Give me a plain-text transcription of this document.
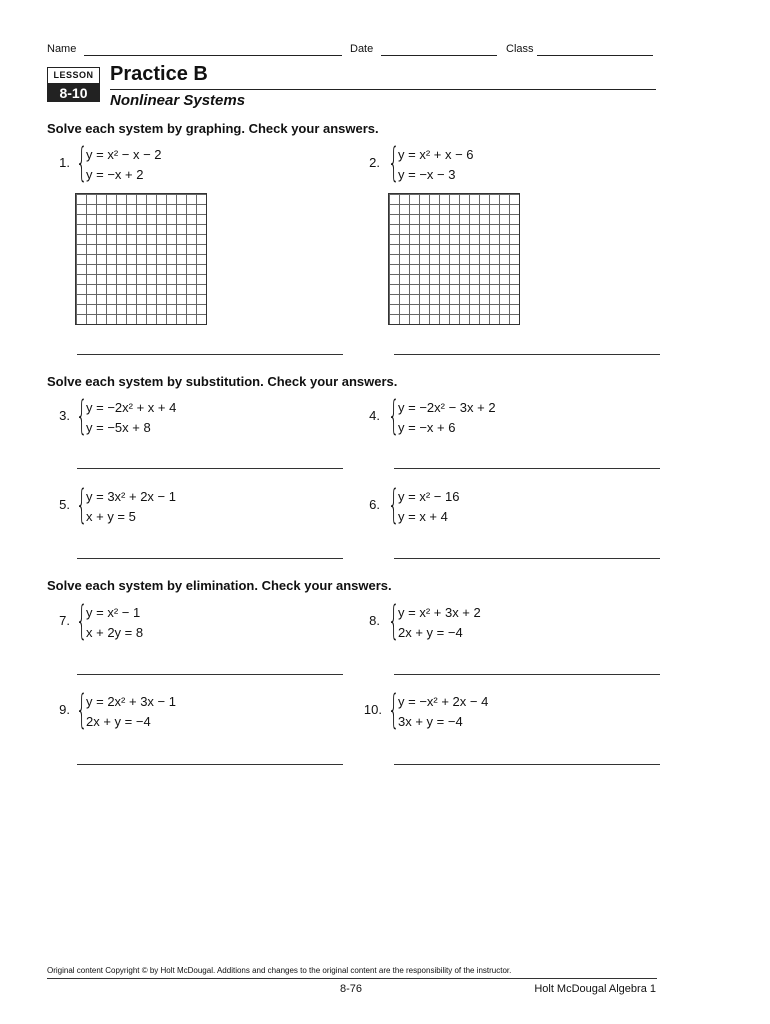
Name	Date	Class
LESSON
8-10
Practice B
Nonlinear Systems
Solve each system by graphing. Check your answers.
1. {
y = x² − x − 2
y = −x + 2
2. {
y = x² + x − 6
y = −x − 3
Solve each system by substitution. Check your answers.
3. {
y = −2x² + x + 4
y = −5x + 8
4. {
y = −2x² − 3x + 2
y = −x + 6
5. {
y = 3x² + 2x − 1
x + y = 5
6. {
y = x² − 16
y = x + 4
Solve each system by elimination. Check your answers.
7. {
y = x² − 1
x + 2y = 8
8. {
y = x² + 3x + 2
2x + y = −4
9. {
y = 2x² + 3x − 1
2x + y = −4
10. {
y = −x² + 2x − 4
3x + y = −4
Original content Copyright © by Holt McDougal. Additions and changes to the original content are the responsibility of the instructor.
8-76	Holt McDougal Algebra 1
